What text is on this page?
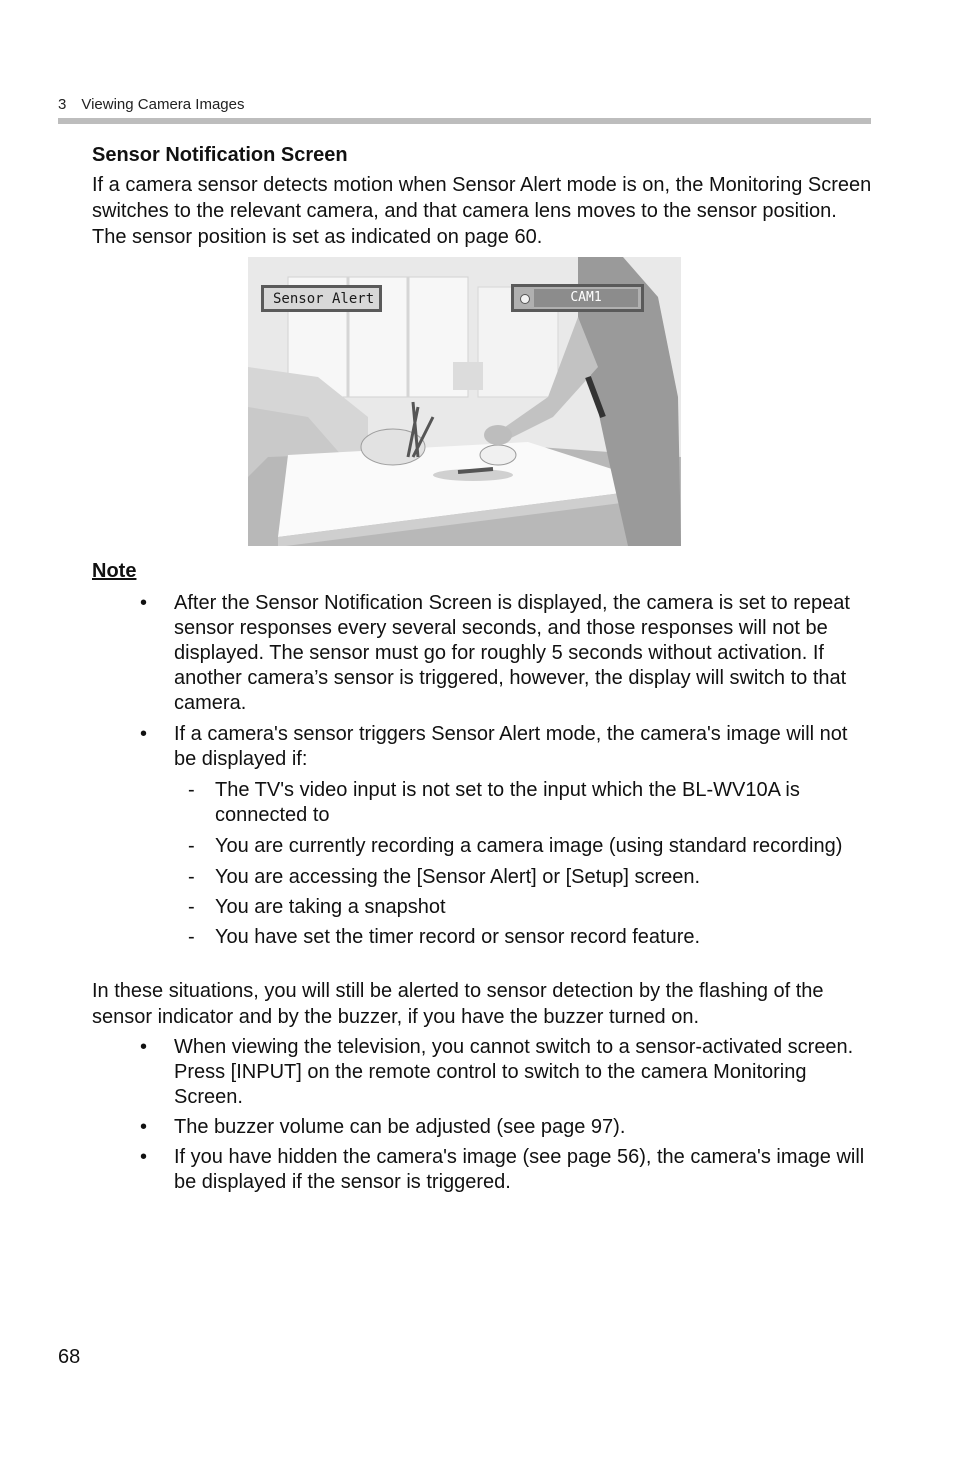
3 Viewing Camera Images
Sensor Notification Screen
If a camera sensor detects motion when Sensor Alert mode is on, the Monitoring Screen switches to the relevant camera, and that camera lens moves to the sensor position. The sensor position is set as indicated on page 60.
Sensor Alert	CAM1
Note
• After the Sensor Notification Screen is displayed, the camera is set to repeat sensor responses every several seconds, and those responses will not be displayed. The sensor must go for roughly 5 seconds without activation. If another camera’s sensor is triggered, however, the display will switch to that camera.
• If a camera's sensor triggers Sensor Alert mode, the camera's image will not be displayed if:
- The TV's video input is not set to the input which the BL-WV10A is connected to
- You are currently recording a camera image (using standard recording)
- You are accessing the [Sensor Alert] or [Setup] screen.
- You are taking a snapshot
- You have set the timer record or sensor record feature.
In these situations, you will still be alerted to sensor detection by the flashing of the sensor indicator and by the buzzer, if you have the buzzer turned on.
• When viewing the television, you cannot switch to a sensor-activated screen. Press [INPUT] on the remote control to switch to the camera Monitoring Screen.
• The buzzer volume can be adjusted (see page 97).
• If you have hidden the camera's image (see page 56), the camera's image will be displayed if the sensor is triggered.
68
